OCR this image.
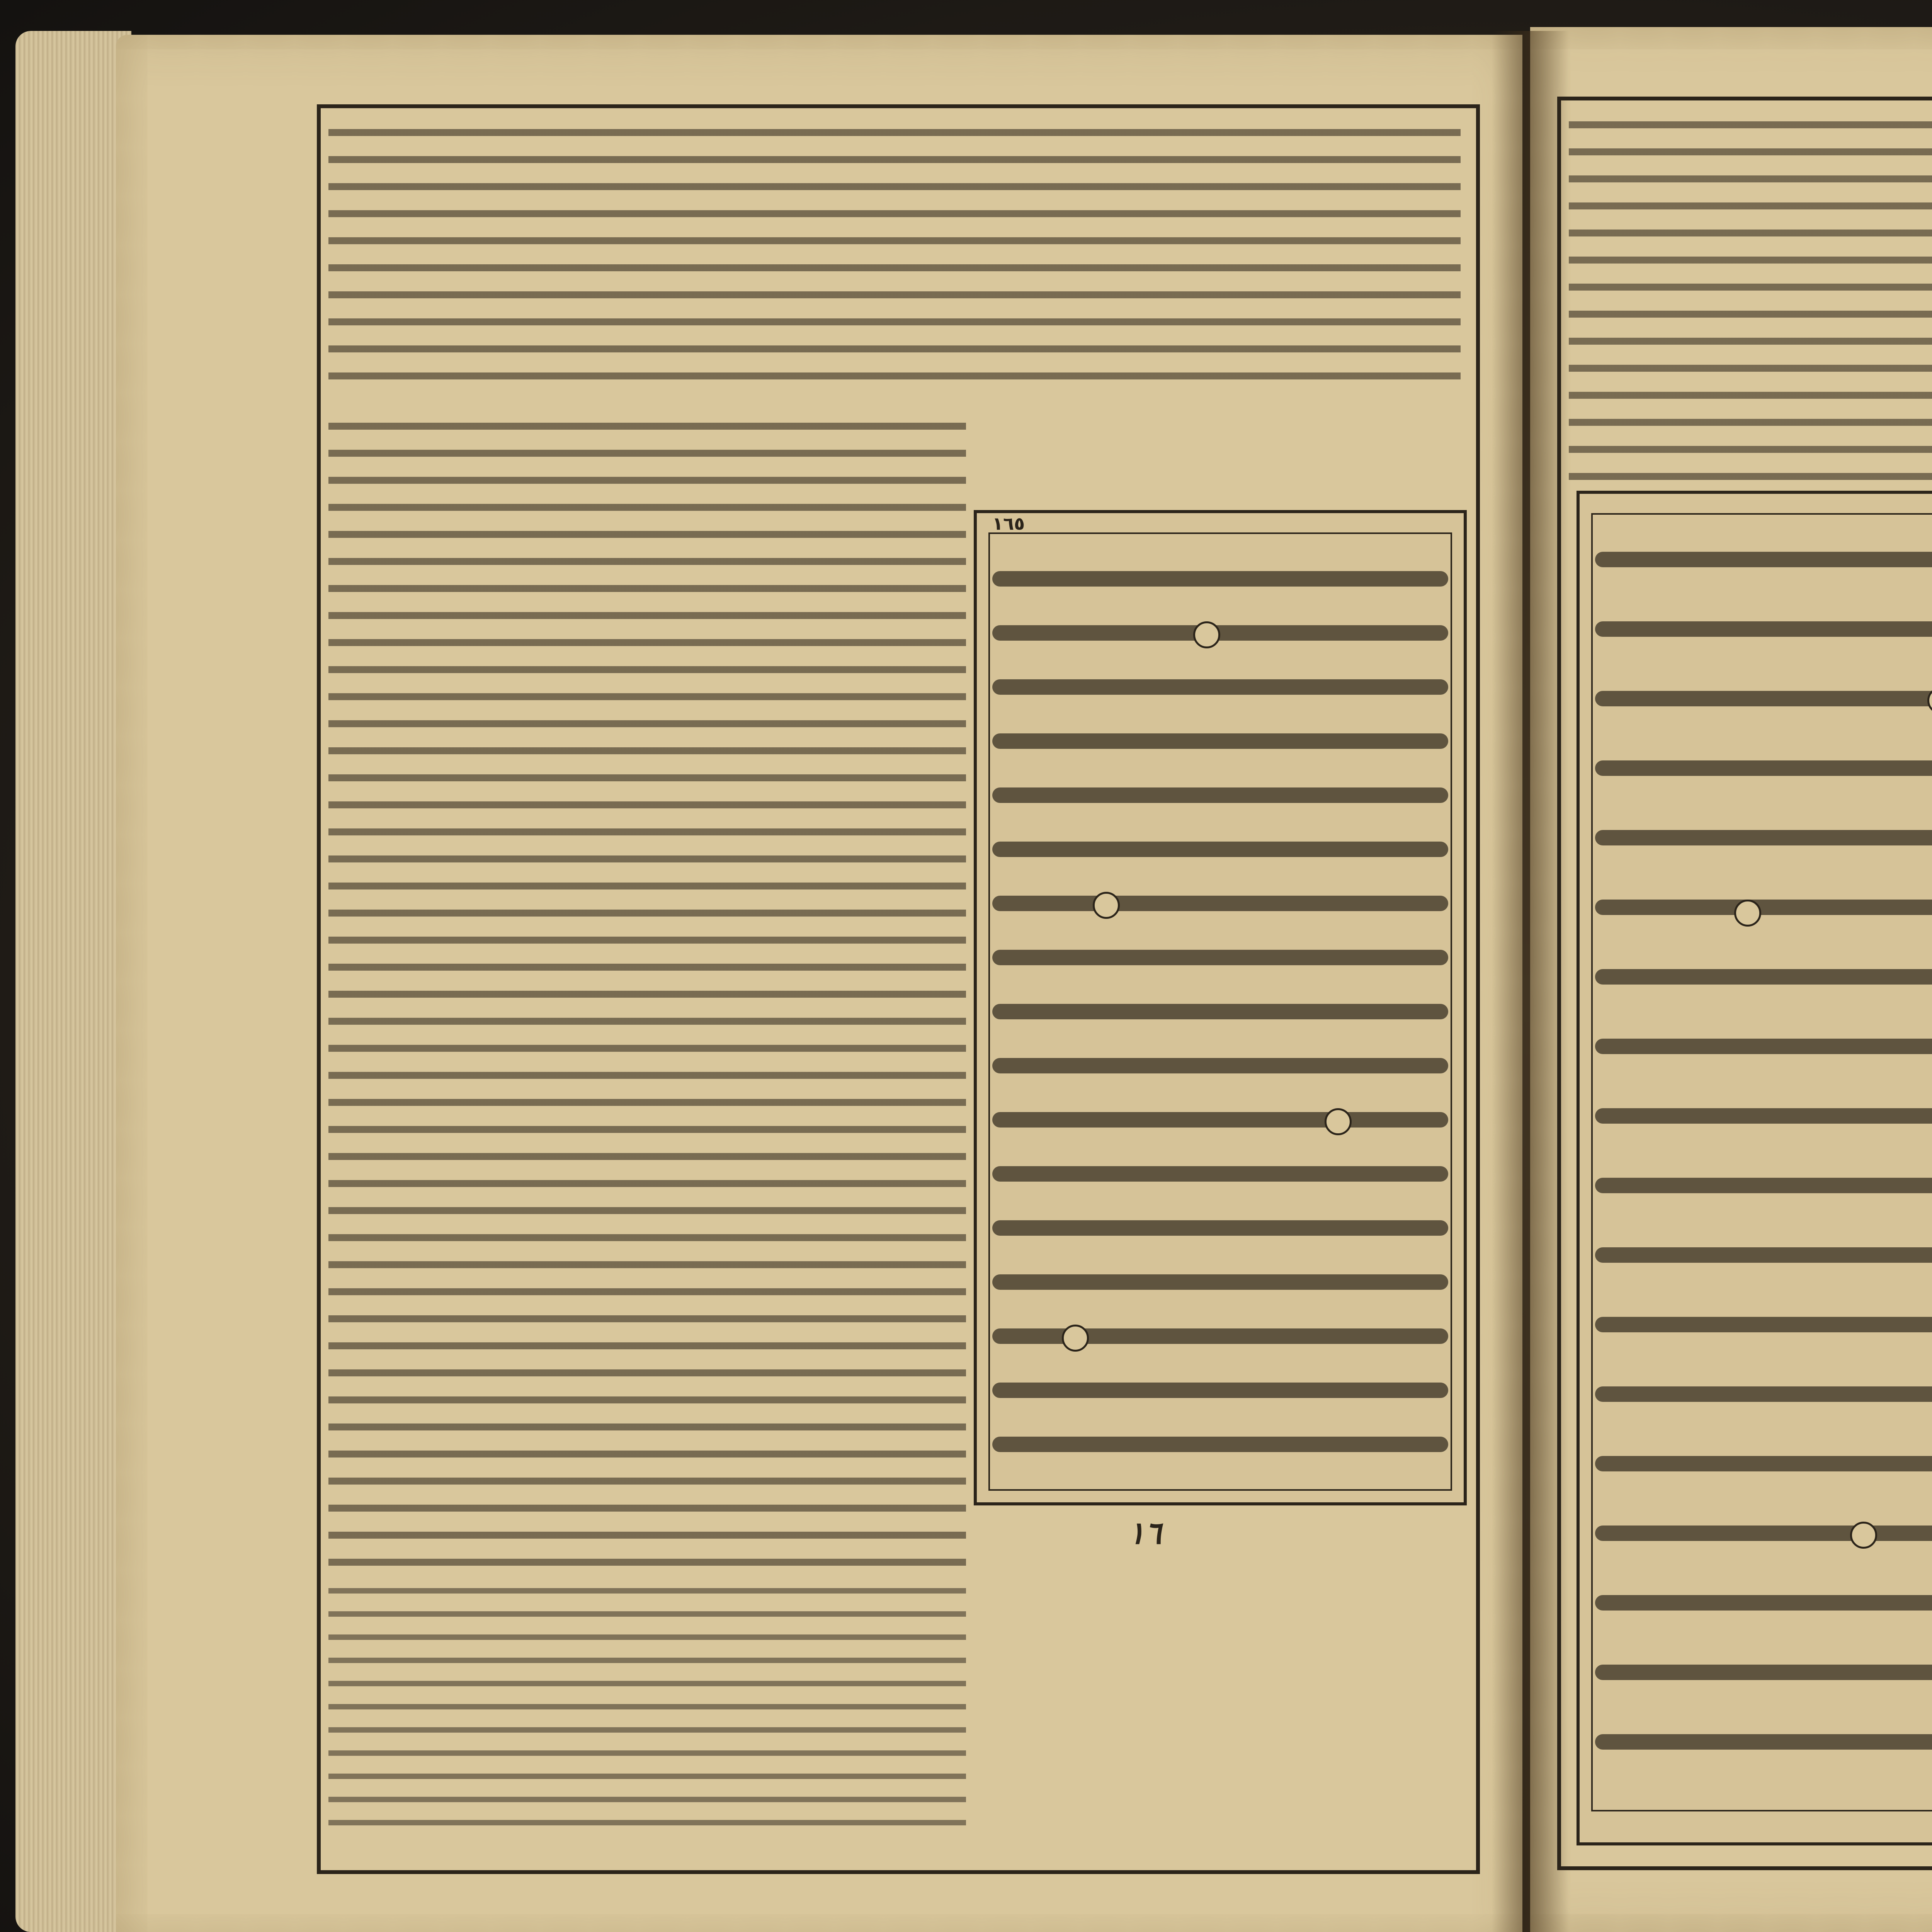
١٦٥
١٦
